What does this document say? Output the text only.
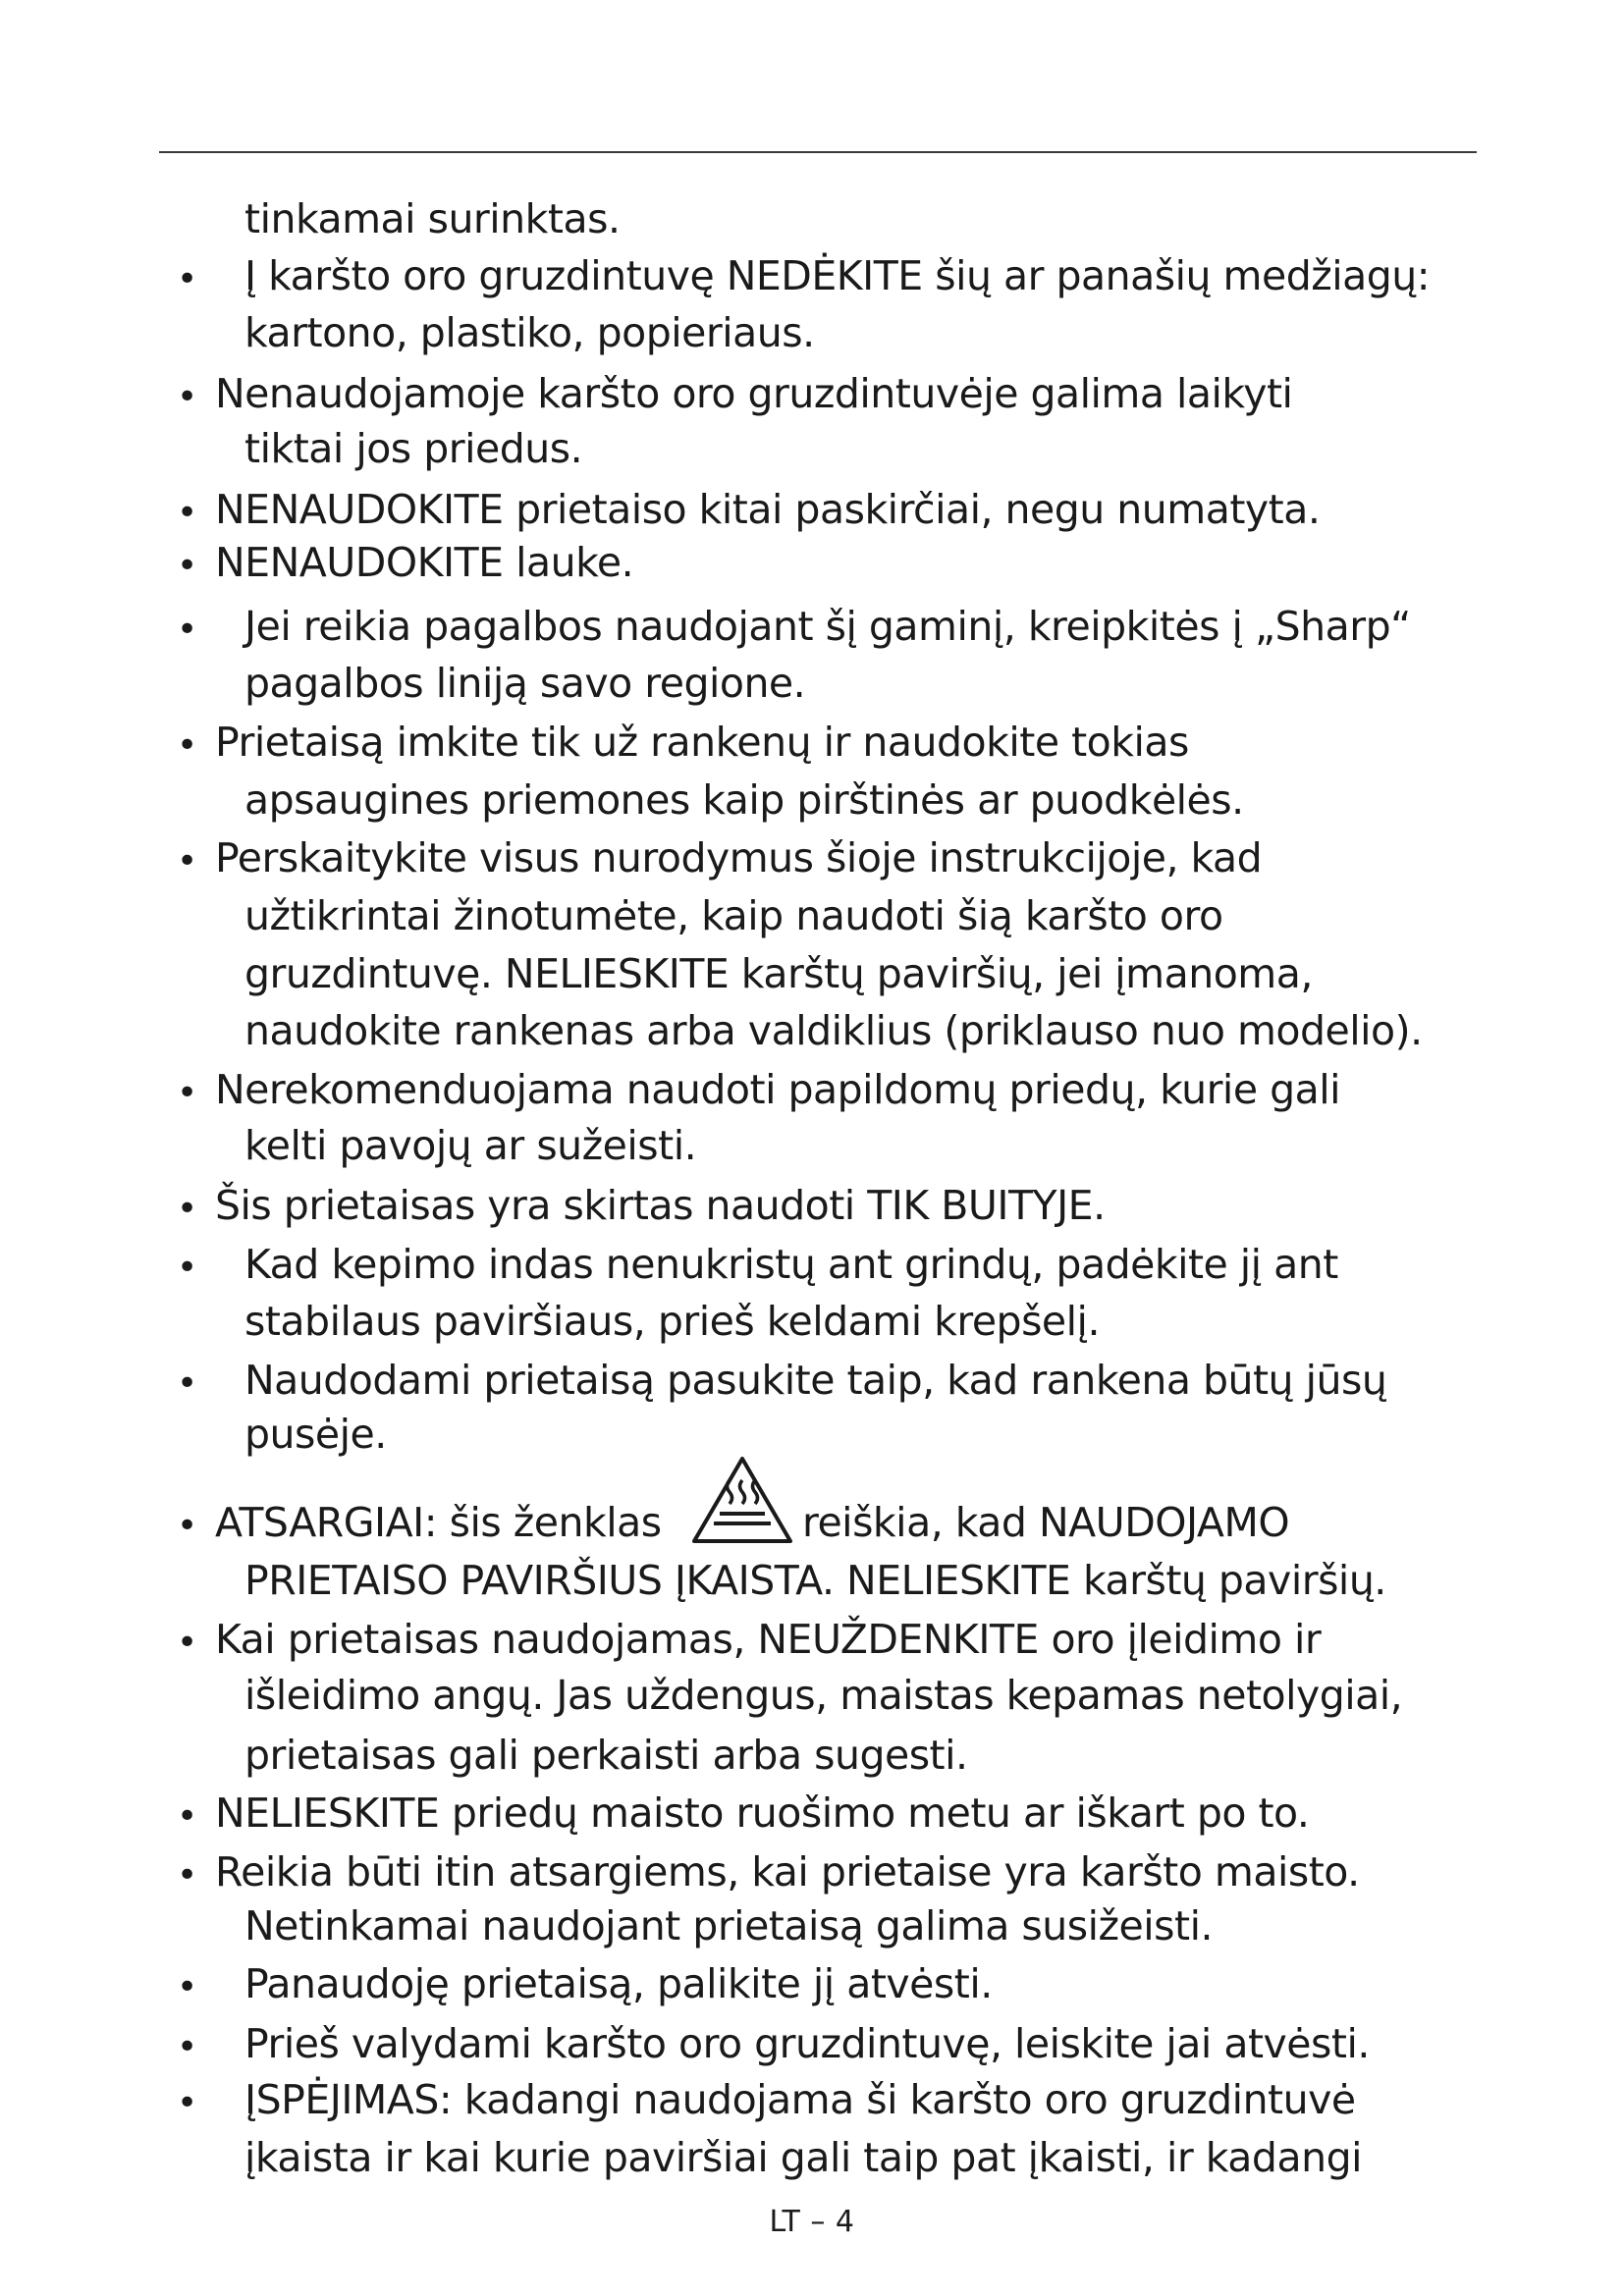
tinkamai surinktas.
• Į karšto oro gruzdintuvę NEDĖKITE šių ar panašių medžiagų:
kartono, plastiko, popieriaus.
• Nenaudojamoje karšto oro gruzdintuvėje galima laikyti
tiktai jos priedus.
• NENAUDOKITE prietaiso kitai paskirčiai, negu numatyta.
• NENAUDOKITE lauke.
• Jei reikia pagalbos naudojant šį gaminį, kreipkitės į „Sharp“
pagalbos liniją savo regione.
• Prietaisą imkite tik už rankenų ir naudokite tokias
apsaugines priemones kaip pirštinės ar puodkėlės.
• Perskaitykite visus nurodymus šioje instrukcijoje, kad
užtikrintai žinotumėte, kaip naudoti šią karšto oro
gruzdintuvę. NELIESKITE karštų paviršių, jei įmanoma,
naudokite rankenas arba valdiklius (priklauso nuo modelio).
• Nerekomenduojama naudoti papildomų priedų, kurie gali
kelti pavojų ar sužeisti.
• Šis prietaisas yra skirtas naudoti TIK BUITYJE.
• Kad kepimo indas nenukristų ant grindų, padėkite jį ant
stabilaus paviršiaus, prieš keldami krepšelį.
• Naudodami prietaisą pasukite taip, kad rankena būtų jūsų
pusėje.
• ATSARGIAI: šis ženklas	reiškia, kad NAUDOJAMO
PRIETAISO PAVIRŠIUS ĮKAISTA. NELIESKITE karštų paviršių.
• Kai prietaisas naudojamas, NEUŽDENKITE oro įleidimo ir
išleidimo angų. Jas uždengus, maistas kepamas netolygiai,
prietaisas gali perkaisti arba sugesti.
• NELIESKITE priedų maisto ruošimo metu ar iškart po to.
• Reikia būti itin atsargiems, kai prietaise yra karšto maisto.
Netinkamai naudojant prietaisą galima susižeisti.
• Panaudoję prietaisą, palikite jį atvėsti.
• Prieš valydami karšto oro gruzdintuvę, leiskite jai atvėsti.
• ĮSPĖJIMAS: kadangi naudojama ši karšto oro gruzdintuvė
įkaista ir kai kurie paviršiai gali taip pat įkaisti, ir kadangi
LT – 4
